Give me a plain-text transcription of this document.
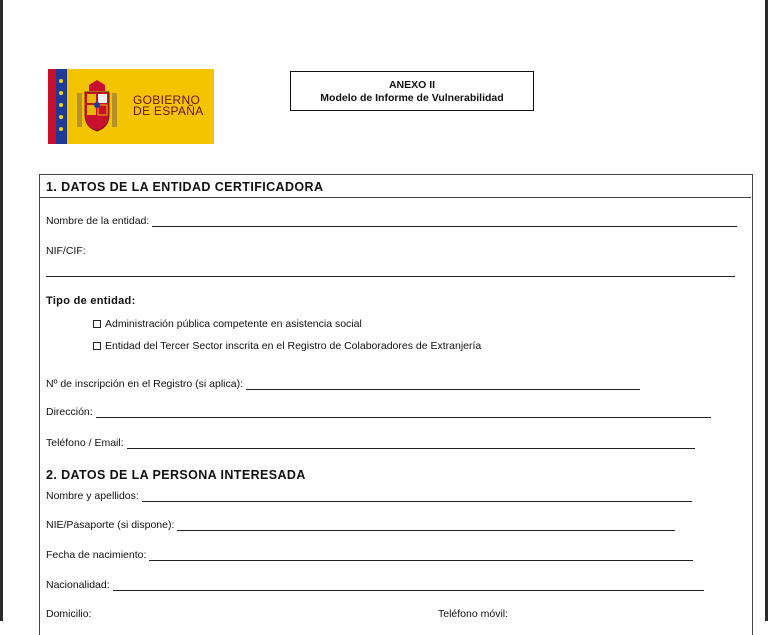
GOBIERNO
DE ESPAÑA
ANEXO II
Modelo de Informe de Vulnerabilidad
1. DATOS DE LA ENTIDAD CERTIFICADORA
Nombre de la entidad:
NIF/CIF:
Tipo de entidad:
Administración pública competente en asistencia social
Entidad del Tercer Sector inscrita en el Registro de Colaboradores de Extranjería
Nº de inscripción en el Registro (si aplica):
Dirección:
Teléfono / Email:
2. DATOS DE LA PERSONA INTERESADA
Nombre y apellidos:
NIE/Pasaporte (si dispone):
Fecha de nacimiento:
Nacionalidad:
Domicilio:	Teléfono móvil:
